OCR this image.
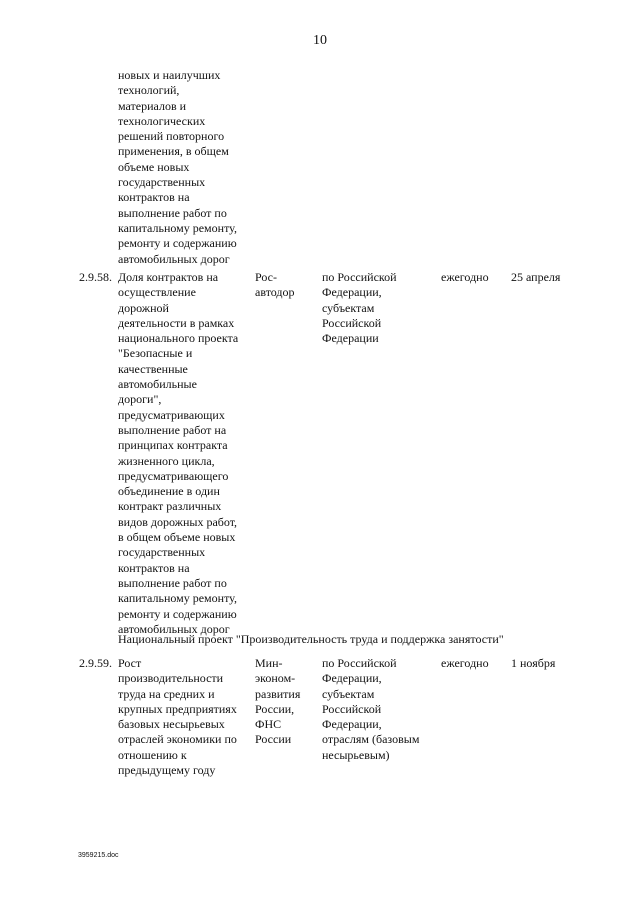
10
новых и наилучших
технологий,
материалов и
технологических
решений повторного
применения, в общем
объеме новых
государственных
контрактов на
выполнение работ по
капитальному ремонту,
ремонту и содержанию
автомобильных дорог
2.9.58. Доля контрактов на
осуществление
дорожной
деятельности в рамках
национального проекта
"Безопасные и
качественные
автомобильные
дороги",
предусматривающих
выполнение работ на
принципах контракта
жизненного цикла,
предусматривающего
объединение в один
контракт различных
видов дорожных работ,
в общем объеме новых
государственных
контрактов на
выполнение работ по
капитальному ремонту,
ремонту и содержанию
автомобильных дорог
Рос-
автодор
по Российской
Федерации,
субъектам
Российской
Федерации
ежегодно	25 апреля
Национальный проект "Производительность труда и поддержка занятости"
2.9.59. Рост
производительности
труда на средних и
крупных предприятиях
базовых несырьевых
отраслей экономики по
отношению к
предыдущему году
Мин-
эконом-
развития
России,
ФНС
России
по Российской
Федерации,
субъектам
Российской
Федерации,
отраслям (базовым
несырьевым)
ежегодно	1 ноября
3959215.doc
